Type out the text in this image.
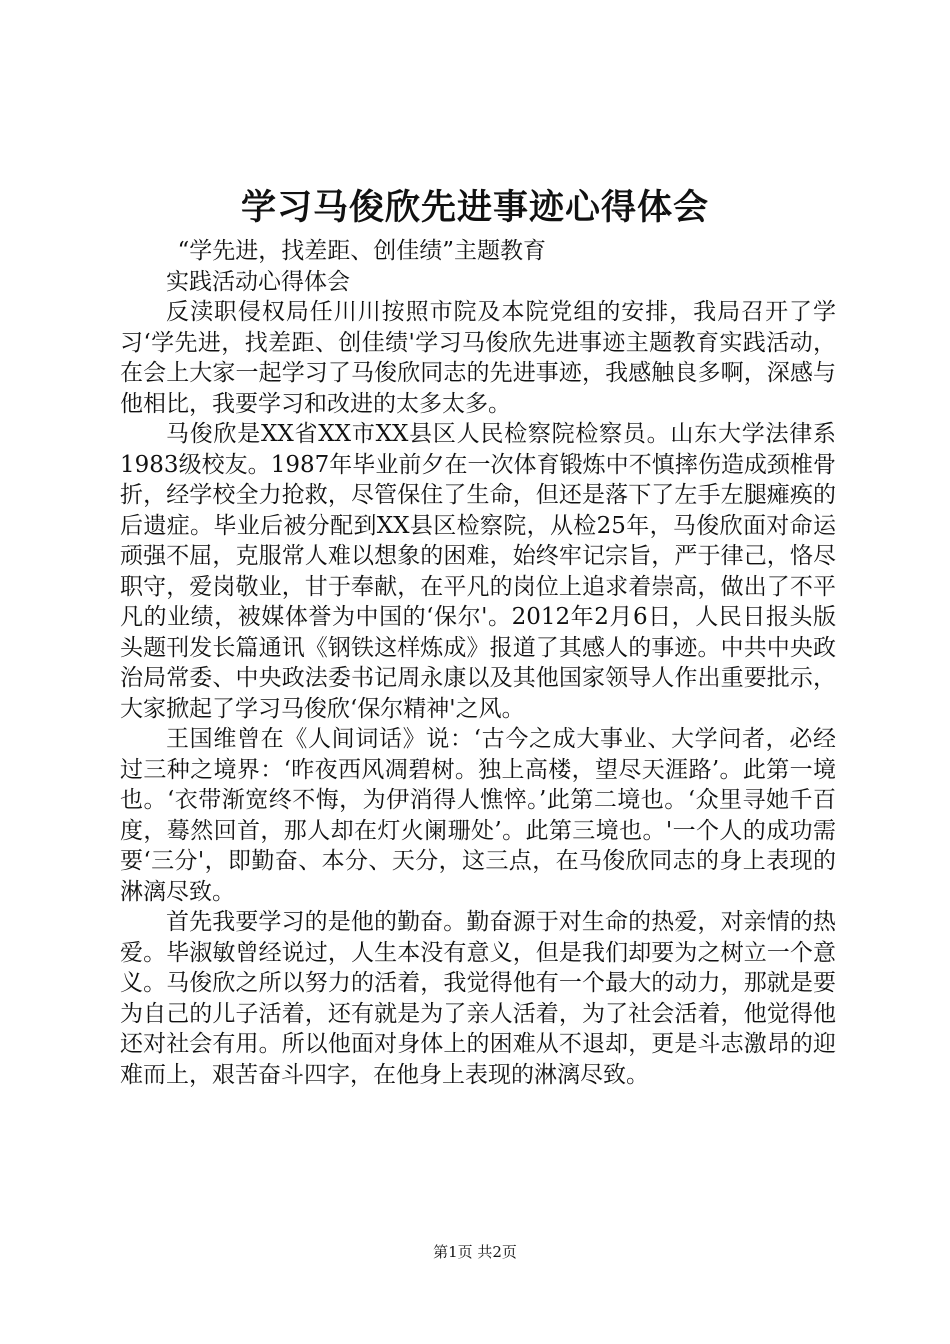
学习马俊欣先进事迹心得体会

“学先进，找差距、创佳绩”主题教育

实践活动心得体会

反渎职侵权局任川川按照市院及本院党组的安排，我局召开了学习‘学先进，找差距、创佳绩'学习马俊欣先进事迹主题教育实践活动，在会上大家一起学习了马俊欣同志的先进事迹，我感触良多啊，深感与他相比，我要学习和改进的太多太多。

马俊欣是XX省XX市XX县区人民检察院检察员。山东大学法律系1983级校友。1987年毕业前夕在一次体育锻炼中不慎摔伤造成颈椎骨折，经学校全力抢救，尽管保住了生命，但还是落下了左手左腿瘫痪的后遗症。毕业后被分配到XX县区检察院，从检25年，马俊欣面对命运顽强不屈，克服常人难以想象的困难，始终牢记宗旨，严于律己，恪尽职守，爱岗敬业，甘于奉献，在平凡的岗位上追求着崇高，做出了不平凡的业绩，被媒体誉为中国的‘保尔'。2012年2月6日，人民日报头版头题刊发长篇通讯《钢铁这样炼成》报道了其感人的事迹。中共中央政治局常委、中央政法委书记周永康以及其他国家领导人作出重要批示，大家掀起了学习马俊欣‘保尔精神'之风。

王国维曾在《人间词话》说：‘古今之成大事业、大学问者，必经过三种之境界：‘昨夜西风凋碧树。独上高楼，望尽天涯路’。此第一境也。‘衣带渐宽终不悔，为伊消得人憔悴。’此第二境也。‘众里寻她千百度，蓦然回首，那人却在灯火阑珊处’。此第三境也。'一个人的成功需要‘三分'，即勤奋、本分、天分，这三点，在马俊欣同志的身上表现的淋漓尽致。

首先我要学习的是他的勤奋。勤奋源于对生命的热爱，对亲情的热爱。毕淑敏曾经说过，人生本没有意义，但是我们却要为之树立一个意义。马俊欣之所以努力的活着，我觉得他有一个最大的动力，那就是要为自己的儿子活着，还有就是为了亲人活着，为了社会活着，他觉得他还对社会有用。所以他面对身体上的困难从不退却，更是斗志激昂的迎难而上，艰苦奋斗四字，在他身上表现的淋漓尽致。

第1页 共2页
